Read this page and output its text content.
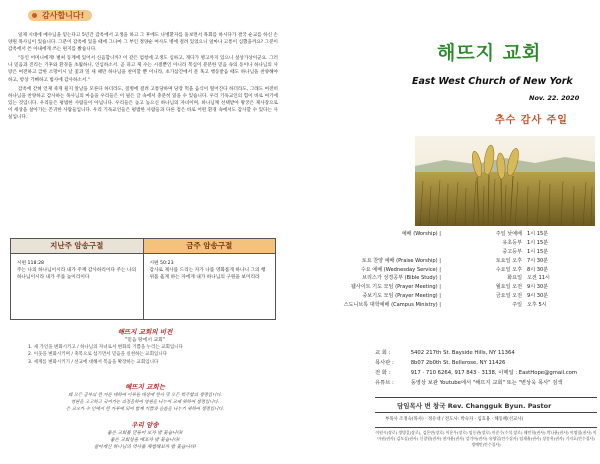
감사합니다!

일제 시대에 예수님을 믿는다고 5년간 감옥에서 고생을 하고 그 후에도 나병환자를 돌보면서 목회를 하시다가 결국 순교를 하신 손양원 목사님이 있습니다. 그분이 감옥에 있을 때에 그나마 그 부인 정양순 여사도 병에 걸려 있었으니 얼마나 고통이 심했을까요? 그분이 감옥에서 쓴 아내에게 쓰는 편지를 봤습니다.

"동인 어머니에게! 벌써 동계에 있어서 신음합니까? 이 같은 엄청에 고생도 심하고, 게다가 병고까지 있으니 설상가상이군요. 그러나 믿음과 진리는 기후와 환경을 초월하니, 인심하소서. 곧 피고 제 수는 시절뿐인 아니라 복심이 분분한 믿음 속의 동이나 하나님의 사랑은 여전하고 급한 소망이시 날 꽃과 잎 새 때만 하나님을 찬미할 뿐 이니라, 초가삼간에서 문 혹고 행동받음 때도 하나님을 찬양해야 하고, 항상 기뻐하고 범사에 감사하소서."

감옥에 갇혀 언제 죽게 될지 앞날을 모른다 하더라도, 질병에 걸려 고통당하며 당장 먹을 음식이 떨어진다 하더라도, 그래도 여전히 하나님을 찬양하고 감사하는 목사님의 마음을 우리들은 이 필은 글 속에서 충분히 읽을 수 있습니다. 우리 기독교인의 힘이 바로 여기에 있는 것입니다. 우리들은 평범한 사람들이 아닙니다. 우리들은 높고 높으신 하나님의 자녀이며, 하나님께 선택받아 왕궁은 제사장으로 이 세상을 살아가는 존귀한 사람들입니다. 우리 기독교인들은 평범한 사람들과 다른 점은 바로 어떤 환경 속에서도 감사할 수 있다는 사실입니다.

지난주 암송구절
시편 118:28
주는 나의 하나님이시라 내가 주께 감사하리이다 주는 나의 하나님이시라 내가 주를 높이리이다
금주 암송구절
시편 50:23
감사로 제사를 드리는 자가 나를 영화롭게 하나니 그의 행위를 옳게 하는 자에게 내가 하나님의 구원을 보이리라
해뜨지 교회의 비전
"믿음 땅에서 교회"
1. 새 가인을 변화시키고 / 하나님의 자녀로서 변화의 기쁨을 누리는 교회입니다
2. 이웃을 변화시키며 / 축복으로 섬기면서 믿음을 실천하는 교회입니다
3. 세계를 변화시키기 / 선교에 대해서 복음을 확장하는 교회입니다
해뜨지 교회는
왜 모든 공부의 한 가운 대하여 이루돌 대상에 한사 및 모든 박주합의 생명입니다.
영원을 고고하고 국어가는 의정을하여 영원을 나누어 교제 위하여 생명입니다.
은 교오가 수 인에서 한 가루에 되어 함께 기쁨과 슬픔을 나누기 위하여 생명입니다.
우리 암송
좋은 교회를 만들어 보자 밥 꽃습니다!
좋은 교회성을 배포자 밥 꽃습니다!
살아계신 하나님의 역사를 체험해보자 밥 꽃습니다!
해뜨지 교회
East West Church of New York
Nov. 22. 2020
추수 감사 주일
예배 (Worship) |	주일 낮예배 1시 15분
유초등부 1시 15분
중고등부 1시 15분
토요 찬양 예배 (Praise Worship) |	토요일 오후 7시 30분
수요 예배 (Wednesday Service) |	수요일 오후 8시 30분
브리스가 성경공부 (Bible Study) |	화요일 오전 11시
웹사이트 기도 모임 (Prayer Meeting) |	월요일 오전 9시 30분
중보기도 모임 (Prayer Meeting) |	금요일 오전 9시 30분
스도니브톡 대학예배 (Campus Ministry) |	주일 오후 5시
교 회 :	5402 217th St. Bayside Hills, NY 11364
목사관 :	8b07 2b0th St. Bellerose, NY 11426
전 화 :	917 · 710 6264, 917 843 · 3138, 이메일 : EastHope@gmail.com
유튜브 :	동영상 보관 Youtube에서 "해뜨지 교회" 또는 "변상욱 목사" 검색
담임목사 변 창국 Rev. Changguk Byun. Pastor
부목사 조정숙(목사) · 정유대 / 전도사: 박숙자 · 임효용 · 해동혜(선교사)
이원시(장로) 정병걸(장로), 김은연(장로) 이운우(장로) 임동관(장로) 이준수(수석 장로) 해인희(권사) 박나윤(권사) 이명철(권사) 이미권(권사) 김도실(권사) 신창원(권사) 권자윤(권사) 강기아(권사) 유영일(안수집사) 임재율(권사) 장송옥(권사) 기지호(안수집사) 정예민(안수집사)
